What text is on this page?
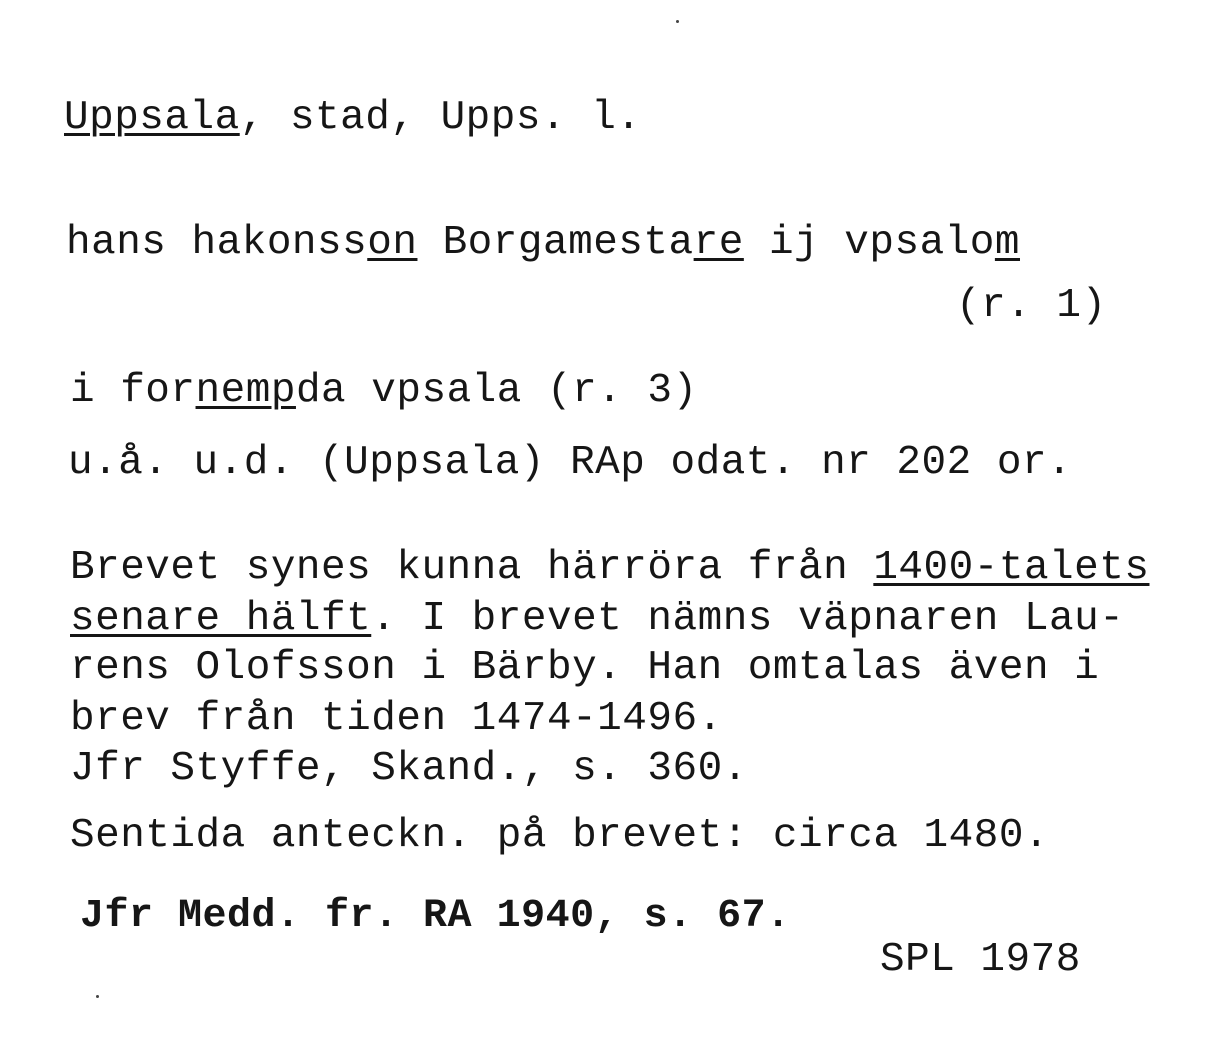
Uppsala, stad, Upps. l.
hans hakonsson Borgamestare ij vpsalom
(r. 1)
i fornempda vpsala (r. 3)
u.å. u.d. (Uppsala) RAp odat. nr 202 or.
Brevet synes kunna härröra från 1400-talets
senare hälft. I brevet nämns väpnaren Lau-
rens Olofsson i Bärby. Han omtalas även i
brev från tiden 1474-1496.
Jfr Styffe, Skand., s. 360.
Sentida anteckn. på brevet: circa 1480.
Jfr Medd. fr. RA 1940, s. 67.
SPL 1978
